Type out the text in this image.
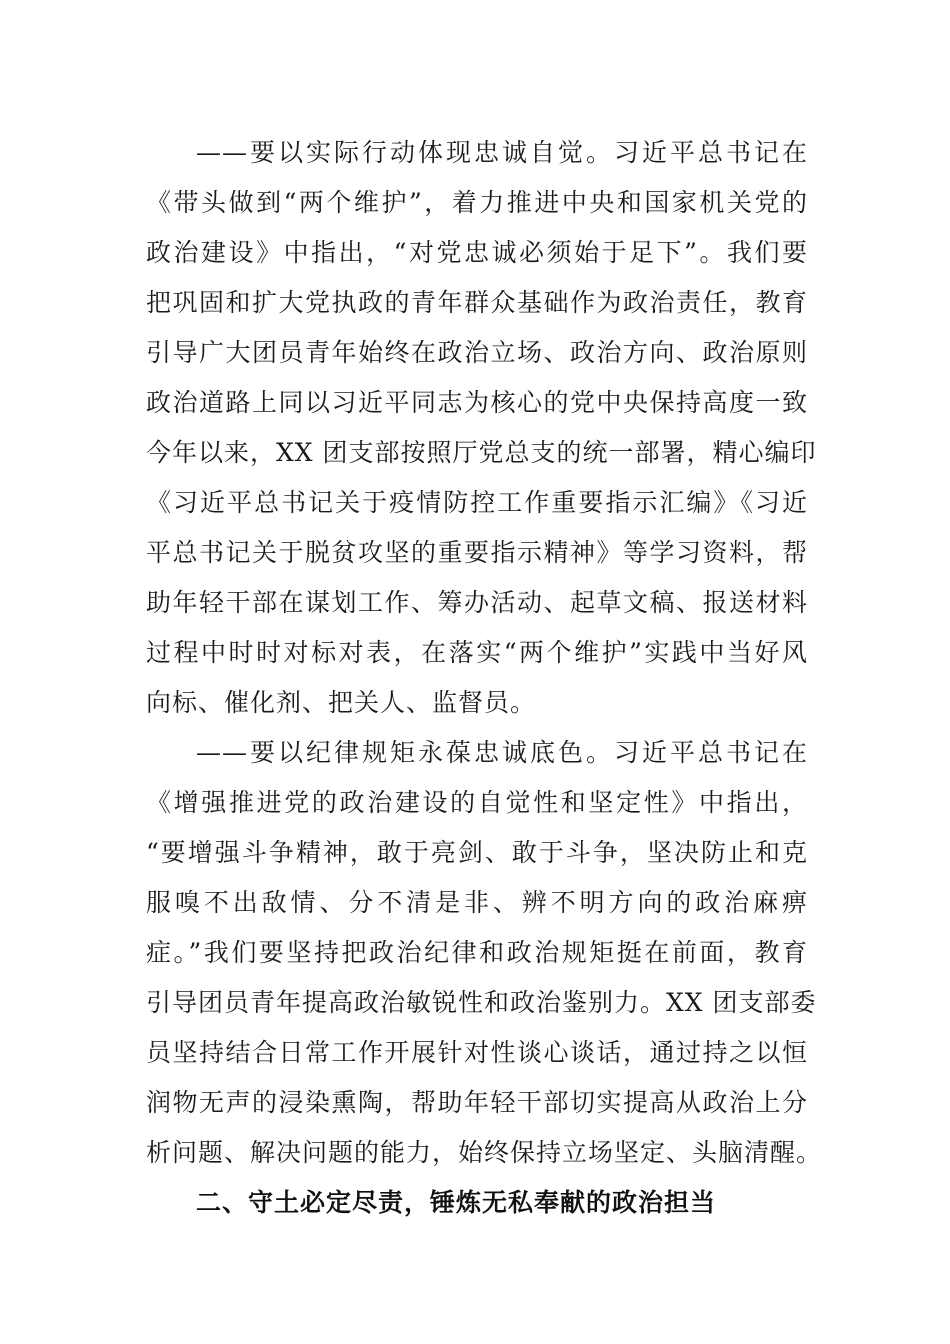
——要以实际行动体现忠诚自觉。习近平总书记在
《带头做到“两个维护”，着力推进中央和国家机关党的
政治建设》中指出，“对党忠诚必须始于足下”。我们要
把巩固和扩大党执政的青年群众基础作为政治责任，教育
引导广大团员青年始终在政治立场、政治方向、政治原则
政治道路上同以习近平同志为核心的党中央保持高度一致
今年以来，XX 团支部按照厅党总支的统一部署，精心编印
《习近平总书记关于疫情防控工作重要指示汇编》《习近
平总书记关于脱贫攻坚的重要指示精神》等学习资料，帮
助年轻干部在谋划工作、筹办活动、起草文稿、报送材料
过程中时时对标对表，在落实“两个维护”实践中当好风
向标、催化剂、把关人、监督员。
——要以纪律规矩永葆忠诚底色。习近平总书记在
《增强推进党的政治建设的自觉性和坚定性》中指出，
“要增强斗争精神，敢于亮剑、敢于斗争，坚决防止和克
服嗅不出敌情、分不清是非、辨不明方向的政治麻痹
症。”我们要坚持把政治纪律和政治规矩挺在前面，教育
引导团员青年提高政治敏锐性和政治鉴别力。XX 团支部委
员坚持结合日常工作开展针对性谈心谈话，通过持之以恒
润物无声的浸染熏陶，帮助年轻干部切实提高从政治上分
析问题、解决问题的能力，始终保持立场坚定、头脑清醒。
二、守土必定尽责，锤炼无私奉献的政治担当
